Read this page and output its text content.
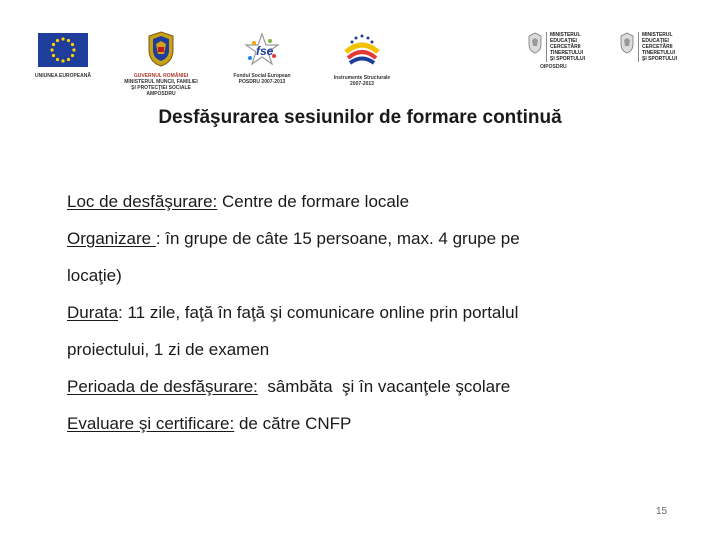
UNIUNEA EUROPEANĂ	GUVERNUL ROMÂNIEI
MINISTERUL MUNCII, FAMILIEI
ŞI PROTECŢIEI SOCIALE
AMPOSDRU
fse
Fondul Social European
POSDRU 2007-2013
Instrumente Structurale
2007-2013
MINISTERUL
EDUCAŢIEI
CERCETĂRII
TINERETULUI
ŞI SPORTULUI
OIPOSDRU
MINISTERUL
EDUCAŢIEI
CERCETĂRII
TINERETULUI
ŞI SPORTULUI
Desfăşurarea sesiunilor de formare continuă
Loc de desfăşurare: Centre de formare locale
Organizare : în grupe de câte 15 persoane, max. 4 grupe pe
locaţie)
Durata: 11 zile, faţă în faţă şi comunicare online prin portalul
proiectului, 1 zi de examen
Perioada de desfăşurare:  sâmbăta  şi în vacanţele şcolare
Evaluare şi certificare: de către CNFP
15
